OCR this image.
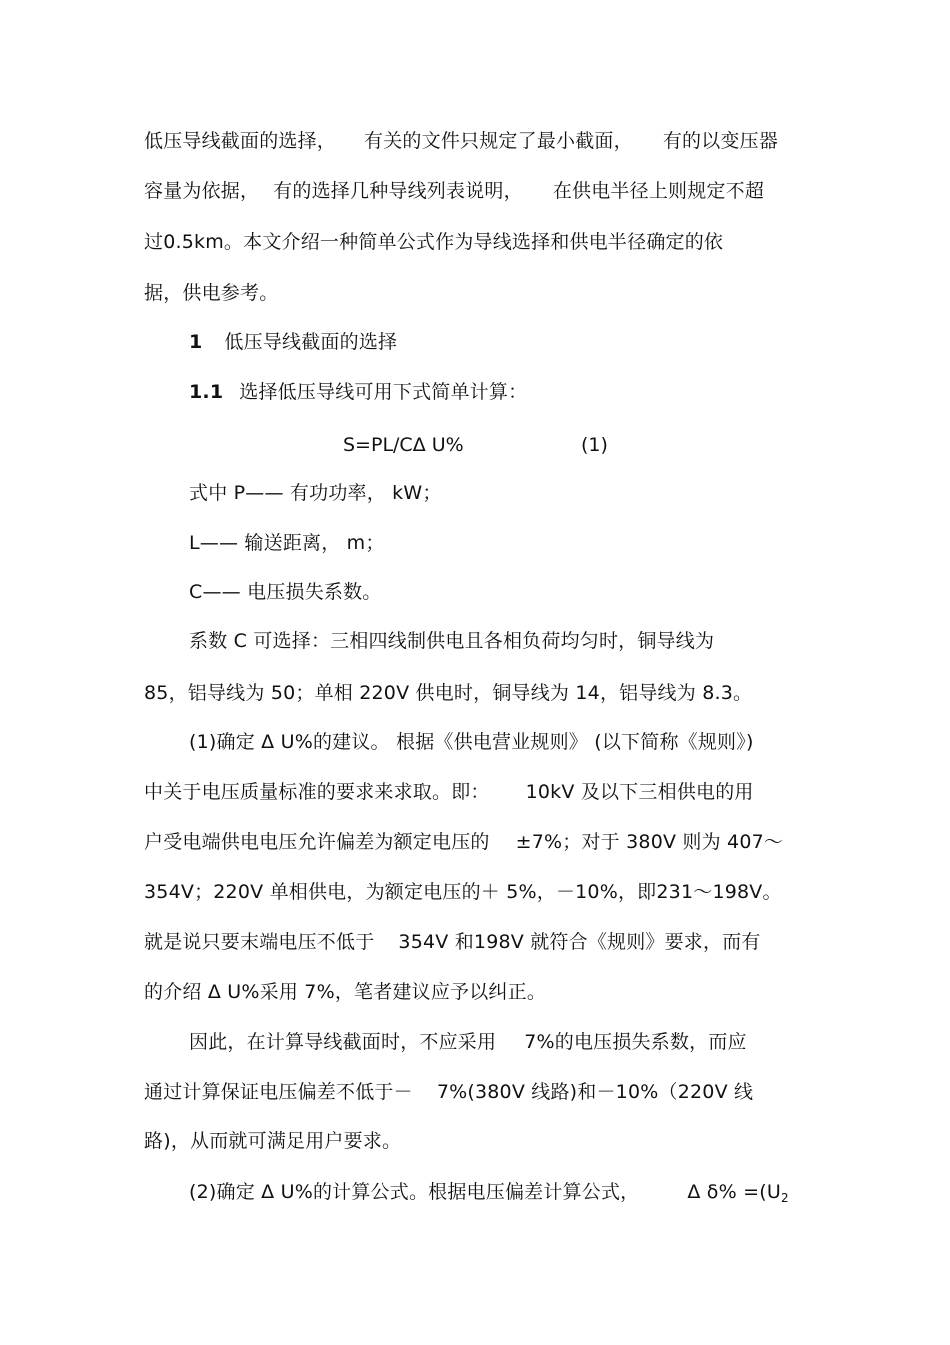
低压导线截面的选择， 有关的文件只规定了最小截面， 有的以变压器
容量为依据， 有的选择几种导线列表说明， 在供电半径上则规定不超
过0.5km。本文介绍一种简单公式作为导线选择和供电半径确定的依
据，供电参考。
1 低压导线截面的选择
1.1 选择低压导线可用下式简单计算：
S=PL/CΔ U%	(1)
式中 P—— 有功功率， kW；
L—— 输送距离， m；
C—— 电压损失系数。
系数 C 可选择：三相四线制供电且各相负荷均匀时，铜导线为
85，铝导线为 50；单相 220V 供电时，铜导线为 14，铝导线为 8.3。
(1)确定 Δ U%的建议。 根据《供电营业规则》 (以下简称《规则》)
中关于电压质量标准的要求来求取。即： 10kV 及以下三相供电的用
户受电端供电电压允许偏差为额定电压的 ±7%；对于 380V 则为 407～
354V；220V 单相供电，为额定电压的＋ 5%，－10%，即231～198V。
就是说只要末端电压不低于 354V 和198V 就符合《规则》要求，而有
的介绍 Δ U%采用 7%，笔者建议应予以纠正。
因此，在计算导线截面时，不应采用 7%的电压损失系数，而应
通过计算保证电压偏差不低于－ 7%(380V 线路)和－10%（220V 线
路)，从而就可满足用户要求。
(2)确定 Δ U%的计算公式。根据电压偏差计算公式，	Δ $\delta\% =(U_2$
